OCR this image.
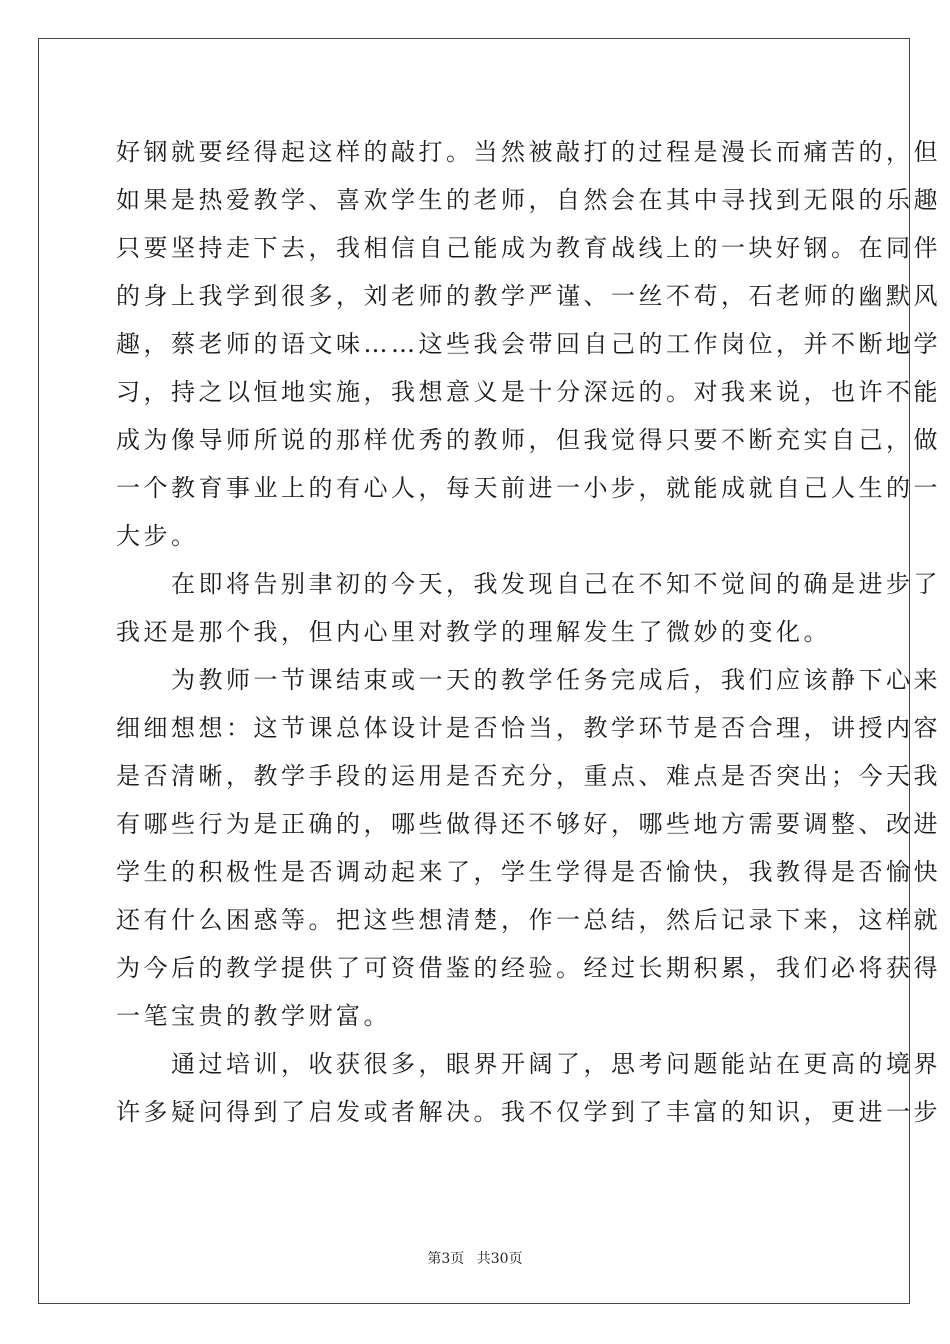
好钢就要经得起这样的敲打。当然被敲打的过程是漫长而痛苦的，但
如果是热爱教学、喜欢学生的老师，自然会在其中寻找到无限的乐趣
只要坚持走下去，我相信自己能成为教育战线上的一块好钢。在同伴
的身上我学到很多，刘老师的教学严谨、一丝不苟，石老师的幽默风
趣，蔡老师的语文味……这些我会带回自己的工作岗位，并不断地学
习，持之以恒地实施，我想意义是十分深远的。对我来说，也许不能
成为像导师所说的那样优秀的教师，但我觉得只要不断充实自己，做
一个教育事业上的有心人，每天前进一小步，就能成就自己人生的一
大步。
　　在即将告别聿初的今天，我发现自己在不知不觉间的确是进步了
我还是那个我，但内心里对教学的理解发生了微妙的变化。
　　为教师一节课结束或一天的教学任务完成后，我们应该静下心来
细细想想：这节课总体设计是否恰当，教学环节是否合理，讲授内容
是否清晰，教学手段的运用是否充分，重点、难点是否突出；今天我
有哪些行为是正确的，哪些做得还不够好，哪些地方需要调整、改进
学生的积极性是否调动起来了，学生学得是否愉快，我教得是否愉快
还有什么困惑等。把这些想清楚，作一总结，然后记录下来，这样就
为今后的教学提供了可资借鉴的经验。经过长期积累，我们必将获得
一笔宝贵的教学财富。
　　通过培训，收获很多，眼界开阔了，思考问题能站在更高的境界
许多疑问得到了启发或者解决。我不仅学到了丰富的知识，更进一步
第3页 共30页
